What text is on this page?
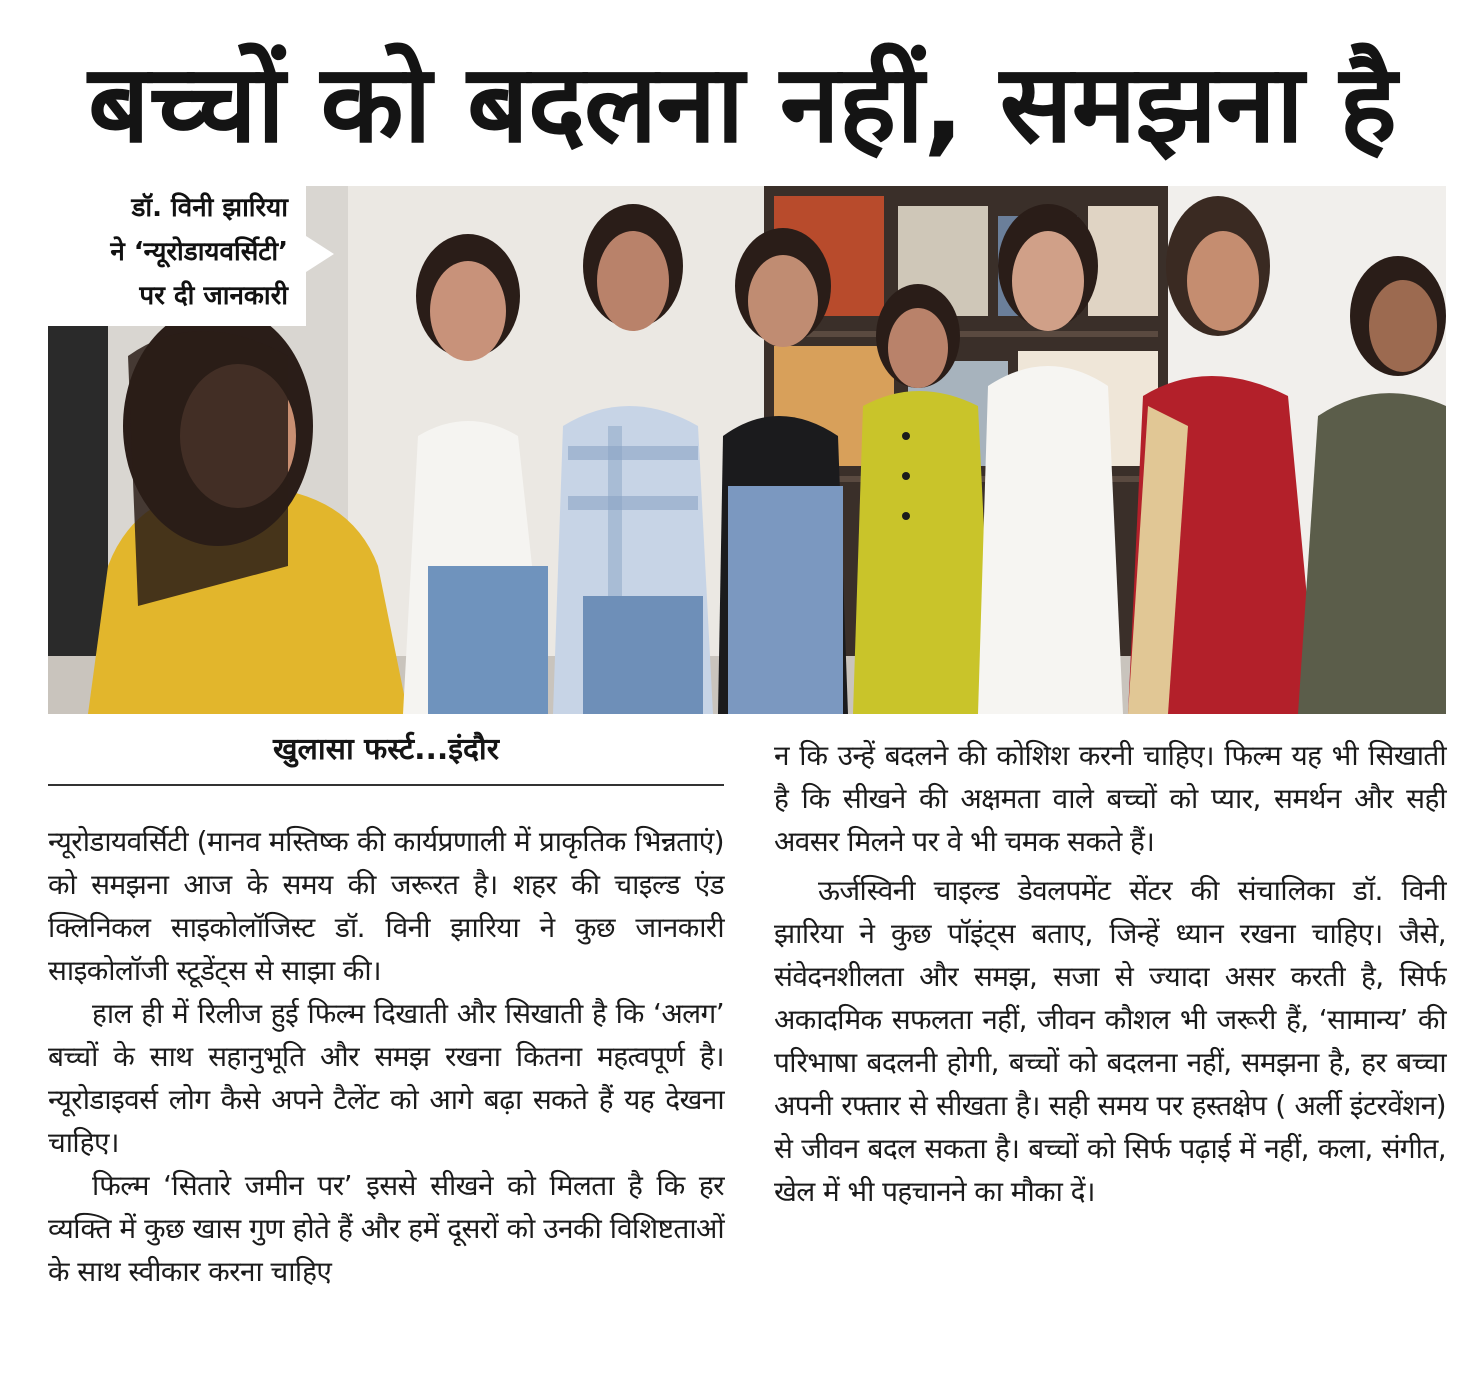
बच्चों को बदलना नहीं, समझना है
डॉ. विनी झारिया
ने ‘न्यूरोडायवर्सिटी’
पर दी जानकारी
खुलासा फर्स्ट...इंदौर

न्यूरोडायवर्सिटी (मानव मस्तिष्क की कार्यप्रणाली में प्राकृतिक भिन्नताएं) को समझना आज के समय की जरूरत है। शहर की चाइल्ड एंड क्लिनिकल साइकोलॉजिस्ट डॉ. विनी झारिया ने कुछ जानकारी साइकोलॉजी स्टूडेंट्स से साझा की।

हाल ही में रिलीज हुई फिल्म दिखाती और सिखाती है कि ‘अलग’ बच्चों के साथ सहानुभूति और समझ रखना कितना महत्वपूर्ण है। न्यूरोडाइवर्स लोग कैसे अपने टैलेंट को आगे बढ़ा सकते हैं यह देखना चाहिए।

फिल्म ‘सितारे जमीन पर’ इससे सीखने को मिलता है कि हर व्यक्ति में कुछ खास गुण होते हैं और हमें दूसरों को उनकी विशिष्टताओं के साथ स्वीकार करना चाहिए

न कि उन्हें बदलने की कोशिश करनी चाहिए। फिल्म यह भी सिखाती है कि सीखने की अक्षमता वाले बच्चों को प्यार, समर्थन और सही अवसर मिलने पर वे भी चमक सकते हैं।

ऊर्जस्विनी चाइल्ड डेवलपमेंट सेंटर की संचालिका डॉ. विनी झारिया ने कुछ पॉइंट्स बताए, जिन्हें ध्यान रखना चाहिए। जैसे, संवेदनशीलता और समझ, सजा से ज्यादा असर करती है, सिर्फ अकादमिक सफलता नहीं, जीवन कौशल भी जरूरी हैं, ‘सामान्य’ की परिभाषा बदलनी होगी, बच्चों को बदलना नहीं, समझना है, हर बच्चा अपनी रफ्तार से सीखता है। सही समय पर हस्तक्षेप ( अर्ली इंटरवेंशन) से जीवन बदल सकता है। बच्चों को सिर्फ पढ़ाई में नहीं, कला, संगीत, खेल में भी पहचानने का मौका दें।
